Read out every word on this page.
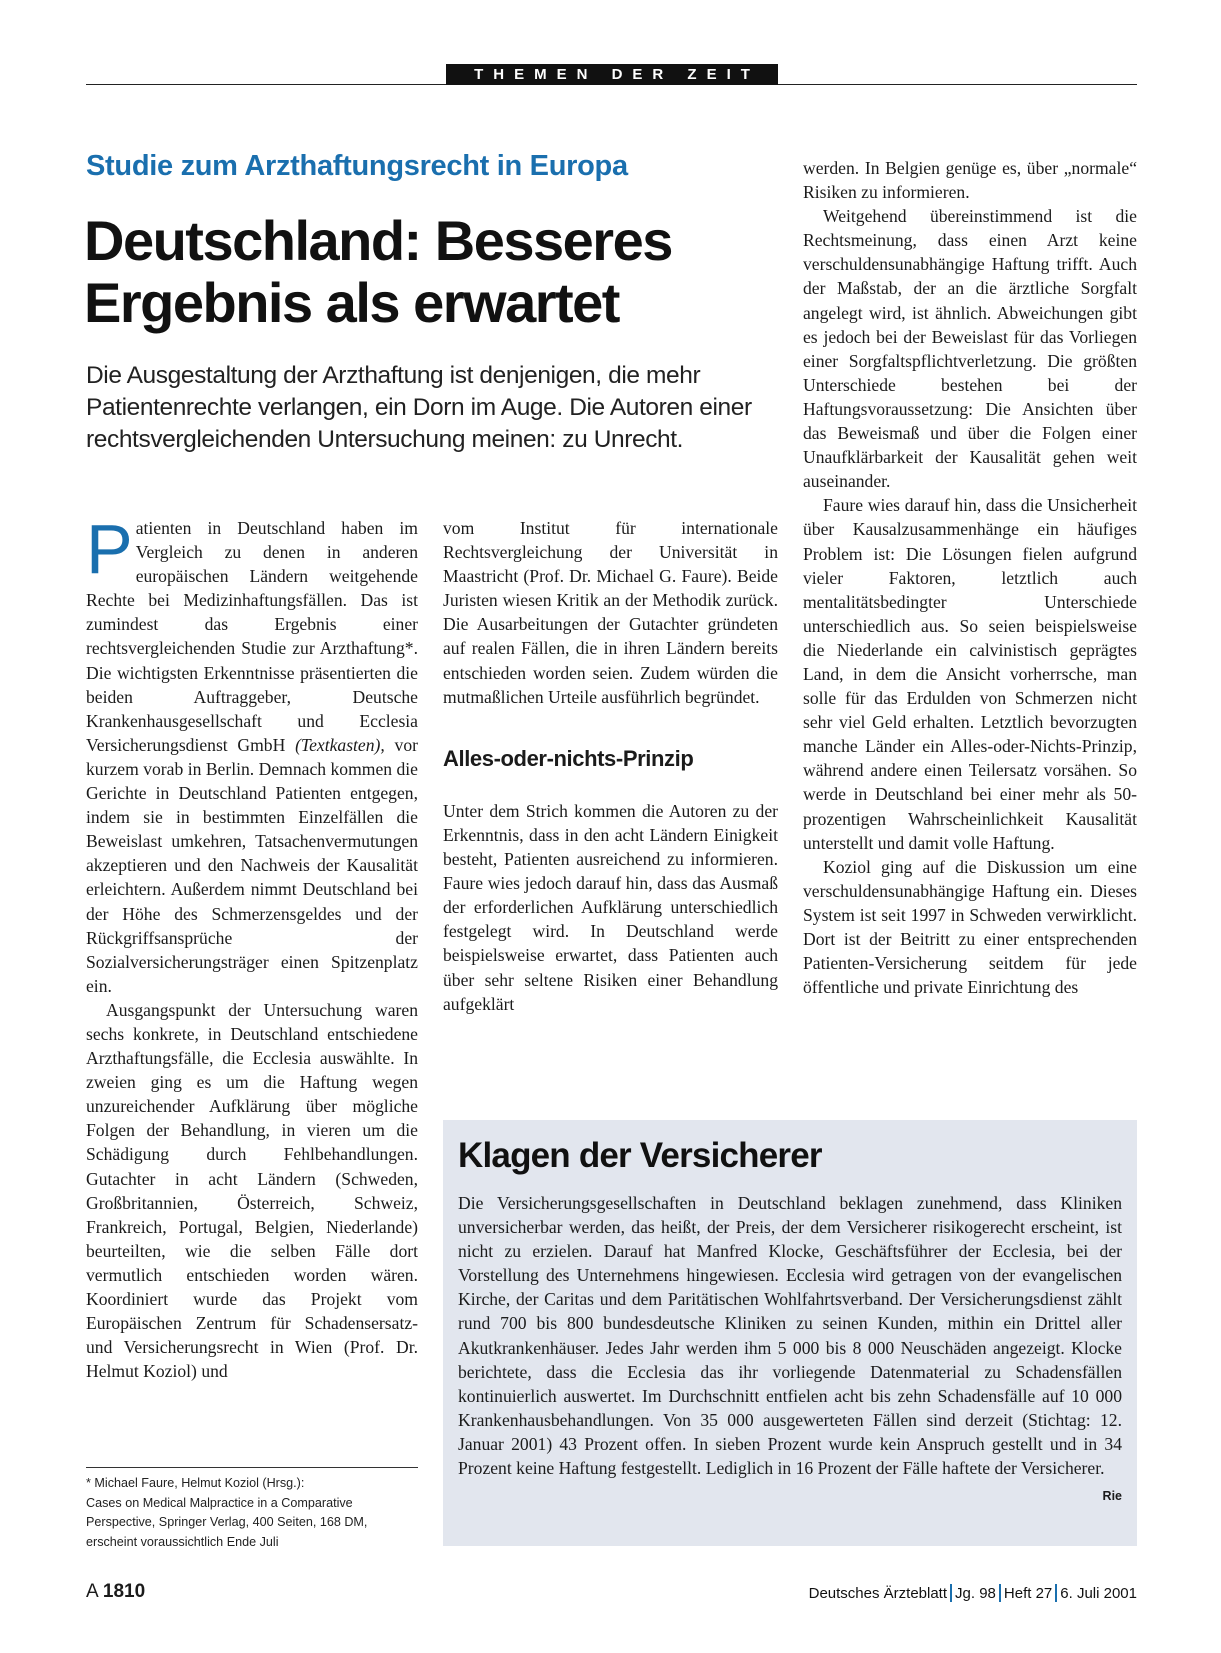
THEMEN DER ZEIT
Studie zum Arzthaftungsrecht in Europa
Deutschland: Besseres
Ergebnis als erwartet

Die Ausgestaltung der Arzthaftung ist denjenigen, die mehr Patientenrechte verlangen, ein Dorn im Auge. Die Autoren einer rechtsvergleichenden Untersuchung meinen: zu Unrecht.

Patienten in Deutschland haben im Vergleich zu denen in anderen europäischen Ländern weitgehende Rechte bei Medizinhaftungsfällen. Das ist zumindest das Ergebnis einer rechtsvergleichenden Studie zur Arzthaftung*. Die wichtigsten Erkenntnisse präsentierten die beiden Auftraggeber, Deutsche Krankenhausgesellschaft und Ecclesia Versicherungsdienst GmbH (Textkasten), vor kurzem vorab in Berlin. Demnach kommen die Gerichte in Deutschland Patienten entgegen, indem sie in bestimmten Einzelfällen die Beweislast umkehren, Tatsachenvermutungen akzeptieren und den Nachweis der Kausalität erleichtern. Außerdem nimmt Deutschland bei der Höhe des Schmerzensgeldes und der Rückgriffsansprüche der Sozialversicherungsträger einen Spitzenplatz ein.

Ausgangspunkt der Untersuchung waren sechs konkrete, in Deutschland entschiedene Arzthaftungsfälle, die Ecclesia auswählte. In zweien ging es um die Haftung wegen unzureichender Aufklärung über mögliche Folgen der Behandlung, in vieren um die Schädigung durch Fehlbehandlungen. Gutachter in acht Ländern (Schweden, Großbritannien, Österreich, Schweiz, Frankreich, Portugal, Belgien, Niederlande) beurteilten, wie die selben Fälle dort vermutlich entschieden worden wären. Koordiniert wurde das Projekt vom Europäischen Zentrum für Schadensersatz- und Versicherungsrecht in Wien (Prof. Dr. Helmut Koziol) und

vom Institut für internationale Rechtsvergleichung der Universität in Maastricht (Prof. Dr. Michael G. Faure). Beide Juristen wiesen Kritik an der Methodik zurück. Die Ausarbeitungen der Gutachter gründeten auf realen Fällen, die in ihren Ländern bereits entschieden worden seien. Zudem würden die mutmaßlichen Urteile ausführlich begründet.

Alles-oder-nichts-Prinzip

Unter dem Strich kommen die Autoren zu der Erkenntnis, dass in den acht Ländern Einigkeit besteht, Patienten ausreichend zu informieren. Faure wies jedoch darauf hin, dass das Ausmaß der erforderlichen Aufklärung unterschiedlich festgelegt wird. In Deutschland werde beispielsweise erwartet, dass Patienten auch über sehr seltene Risiken einer Behandlung aufgeklärt

werden. In Belgien genüge es, über „normale“ Risiken zu informieren.

Weitgehend übereinstimmend ist die Rechtsmeinung, dass einen Arzt keine verschuldensunabhängige Haftung trifft. Auch der Maßstab, der an die ärztliche Sorgfalt angelegt wird, ist ähnlich. Abweichungen gibt es jedoch bei der Beweislast für das Vorliegen einer Sorgfaltspflichtverletzung. Die größten Unterschiede bestehen bei der Haftungsvoraussetzung: Die Ansichten über das Beweismaß und über die Folgen einer Unaufklärbarkeit der Kausalität gehen weit auseinander.

Faure wies darauf hin, dass die Unsicherheit über Kausalzusammenhänge ein häufiges Problem ist: Die Lösungen fielen aufgrund vieler Faktoren, letztlich auch mentalitätsbedingter Unterschiede unterschiedlich aus. So seien beispielsweise die Niederlande ein calvinistisch geprägtes Land, in dem die Ansicht vorherrsche, man solle für das Erdulden von Schmerzen nicht sehr viel Geld erhalten. Letztlich bevorzugten manche Länder ein Alles-oder-Nichts-Prinzip, während andere einen Teilersatz vorsähen. So werde in Deutschland bei einer mehr als 50-prozentigen Wahrscheinlichkeit Kausalität unterstellt und damit volle Haftung.

Koziol ging auf die Diskussion um eine verschuldensunabhängige Haftung ein. Dieses System ist seit 1997 in Schweden verwirklicht. Dort ist der Beitritt zu einer entsprechenden Patienten-Versicherung seitdem für jede öffentliche und private Einrichtung des

* Michael Faure, Helmut Koziol (Hrsg.):
Cases on Medical Malpractice in a Comparative Perspective, Springer Verlag, 400 Seiten, 168 DM, erscheint voraussichtlich Ende Juli
Klagen der Versicherer

Die Versicherungsgesellschaften in Deutschland beklagen zunehmend, dass Kliniken unversicherbar werden, das heißt, der Preis, der dem Versicherer risikogerecht erscheint, ist nicht zu erzielen. Darauf hat Manfred Klocke, Geschäftsführer der Ecclesia, bei der Vorstellung des Unternehmens hingewiesen. Ecclesia wird getragen von der evangelischen Kirche, der Caritas und dem Paritätischen Wohlfahrtsverband. Der Versicherungsdienst zählt rund 700 bis 800 bundesdeutsche Kliniken zu seinen Kunden, mithin ein Drittel aller Akutkrankenhäuser. Jedes Jahr werden ihm 5 000 bis 8 000 Neuschäden angezeigt. Klocke berichtete, dass die Ecclesia das ihr vorliegende Datenmaterial zu Schadensfällen kontinuierlich auswertet. Im Durchschnitt entfielen acht bis zehn Schadensfälle auf 10 000 Krankenhausbehandlungen. Von 35 000 ausgewerteten Fällen sind derzeit (Stichtag: 12. Januar 2001) 43 Prozent offen. In sieben Prozent wurde kein Anspruch gestellt und in 34 Prozent keine Haftung festgestellt. Lediglich in 16 Prozent der Fälle haftete der Versicherer.
Rie

A 1810	Deutsches Ärzteblatt Jg. 98 Heft 27 6. Juli 2001
